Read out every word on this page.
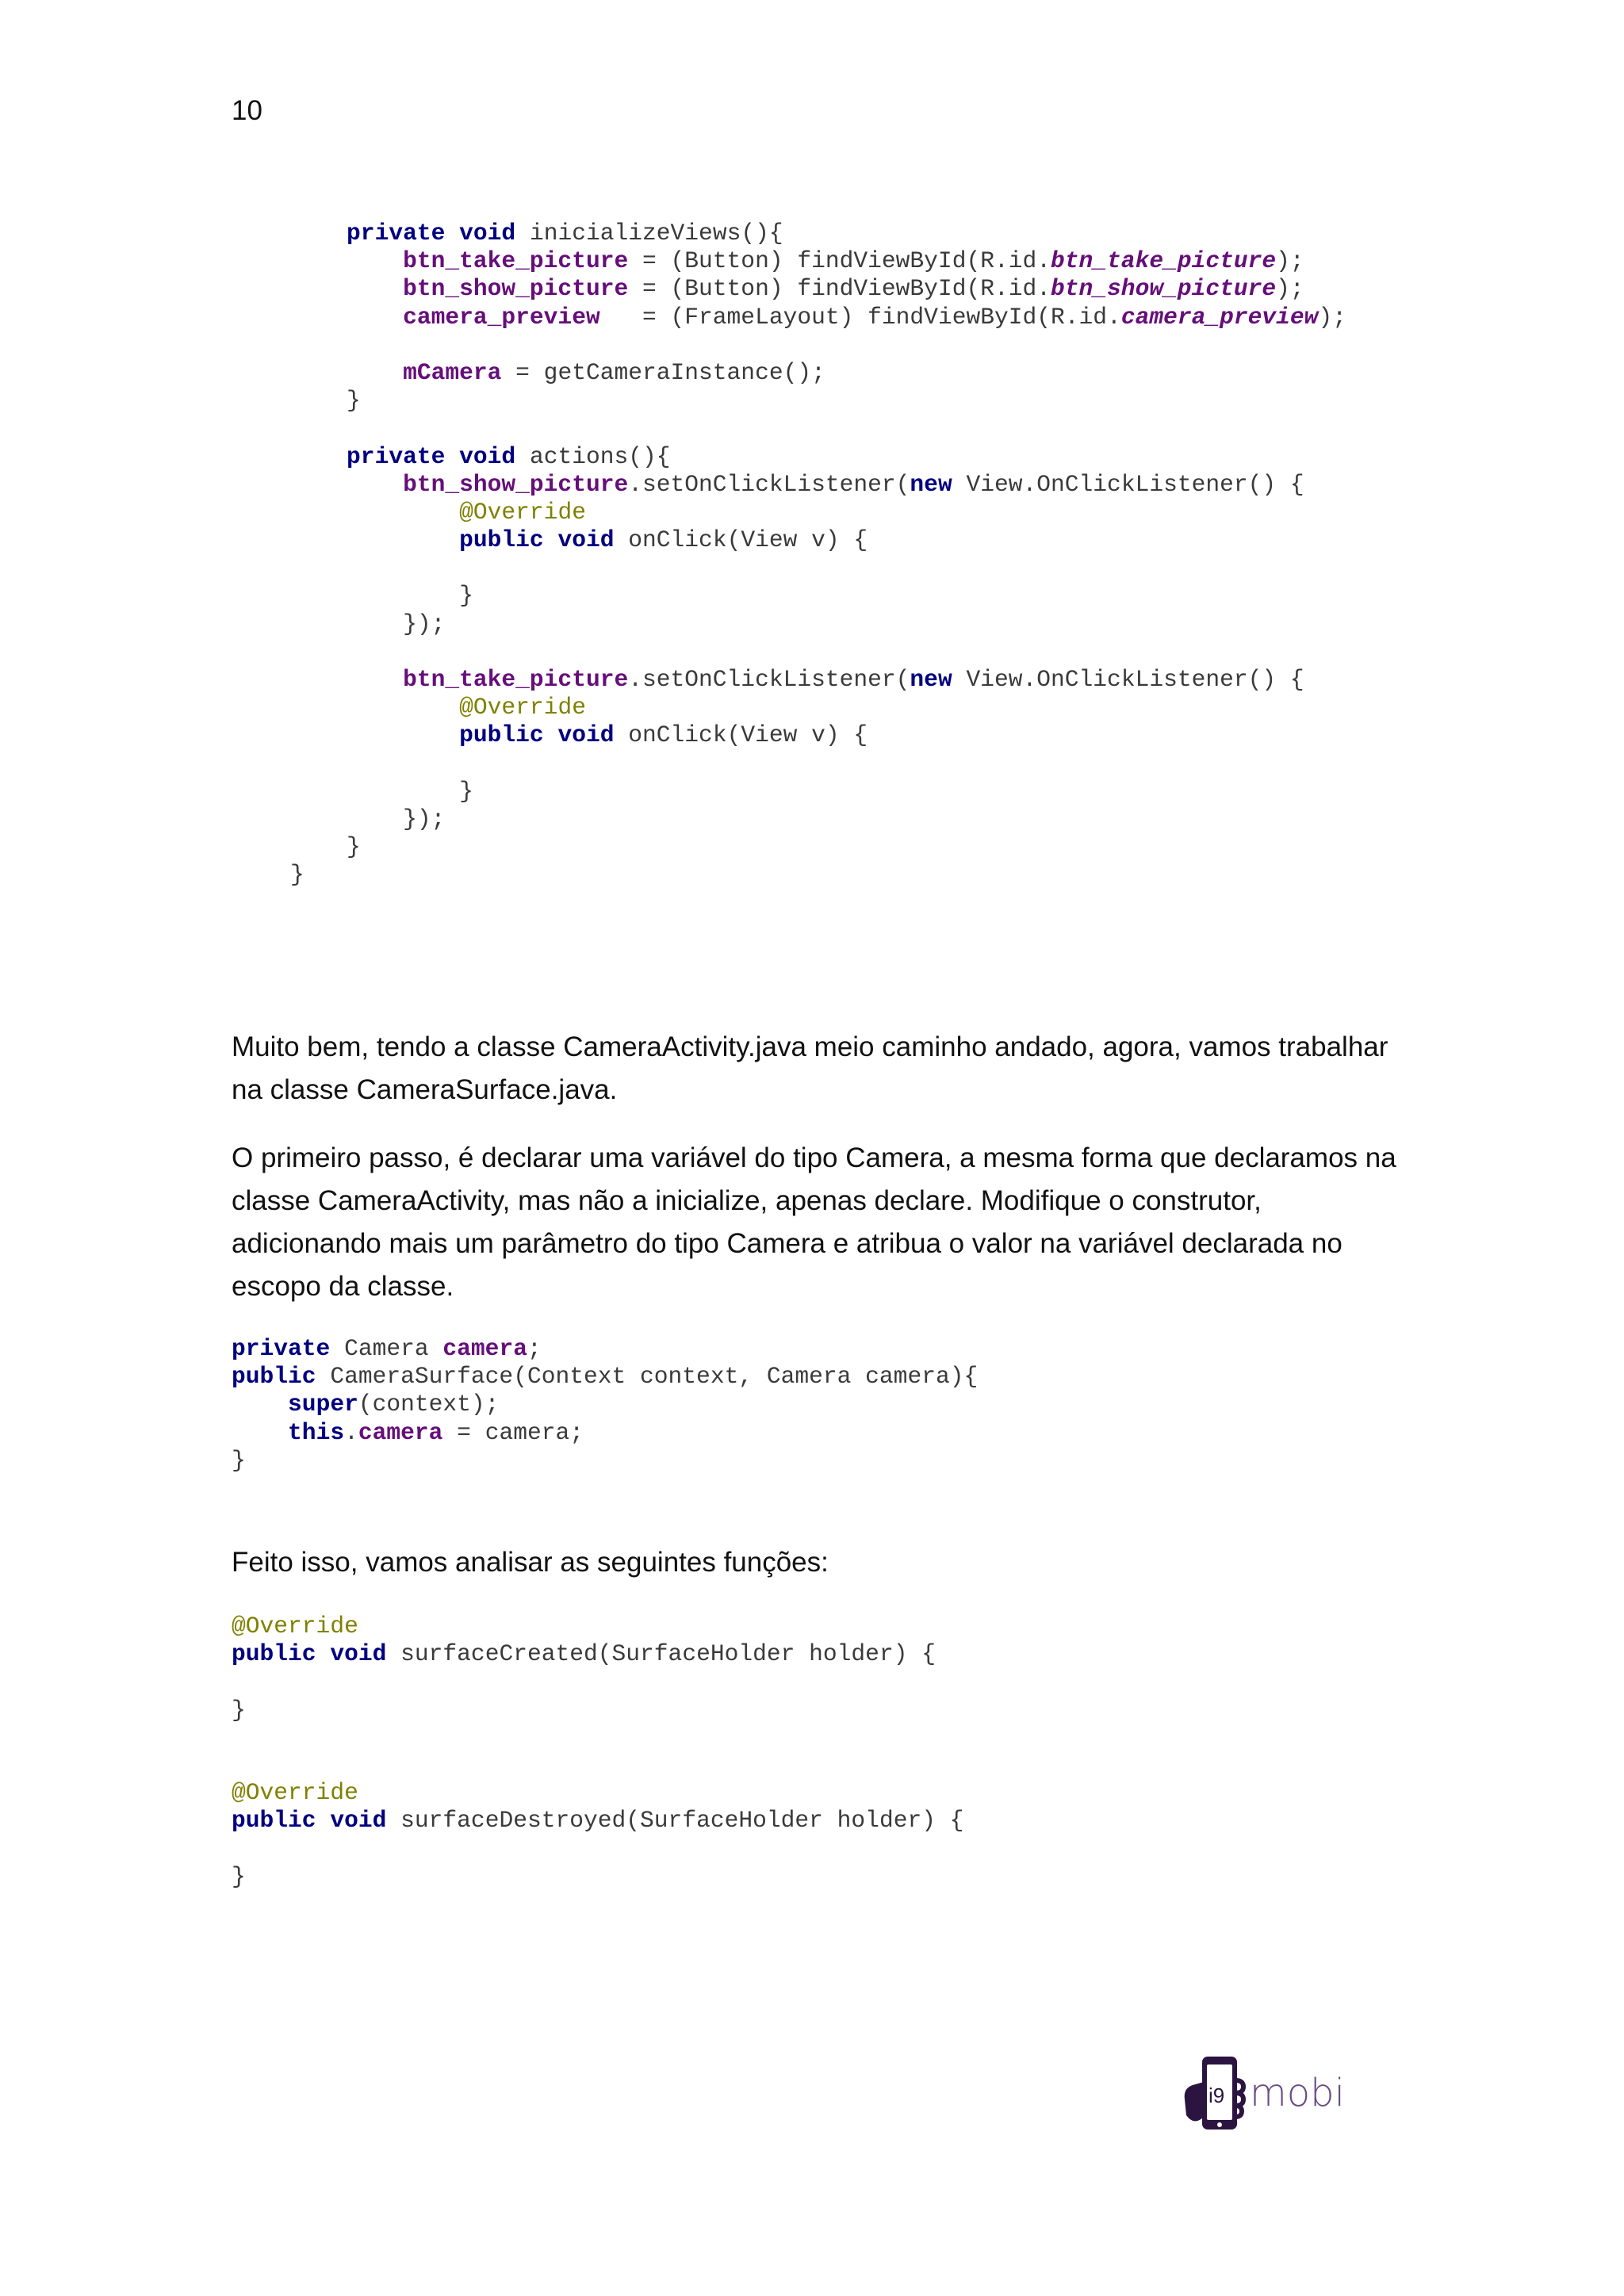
10
private void inicializeViews(){
btn_take_picture = (Button) findViewById(R.id.btn_take_picture);
btn_show_picture = (Button) findViewById(R.id.btn_show_picture);
camera_preview   = (FrameLayout) findViewById(R.id.camera_preview);
mCamera = getCameraInstance();
}
private void actions(){
btn_show_picture.setOnClickListener(new View.OnClickListener() {
@Override
public void onClick(View v) {
}
});
btn_take_picture.setOnClickListener(new View.OnClickListener() {
@Override
public void onClick(View v) {
}
});
}
}

Muito bem, tendo a classe CameraActivity.java meio caminho andado, agora, vamos trabalhar na classe CameraSurface.java.

O primeiro passo, é declarar uma variável do tipo Camera, a mesma forma que declaramos na classe CameraActivity, mas não a inicialize, apenas declare. Modifique o construtor, adicionando mais um parâmetro do tipo Camera e atribua o valor na variável declarada no escopo da classe.

private Camera camera;
public CameraSurface(Context context, Camera camera){
super(context);
this.camera = camera;
}

Feito isso, vamos analisar as seguintes funções:

@Override
public void surfaceCreated(SurfaceHolder holder) {
}
@Override
public void surfaceDestroyed(SurfaceHolder holder) {
}
i9 mobi
